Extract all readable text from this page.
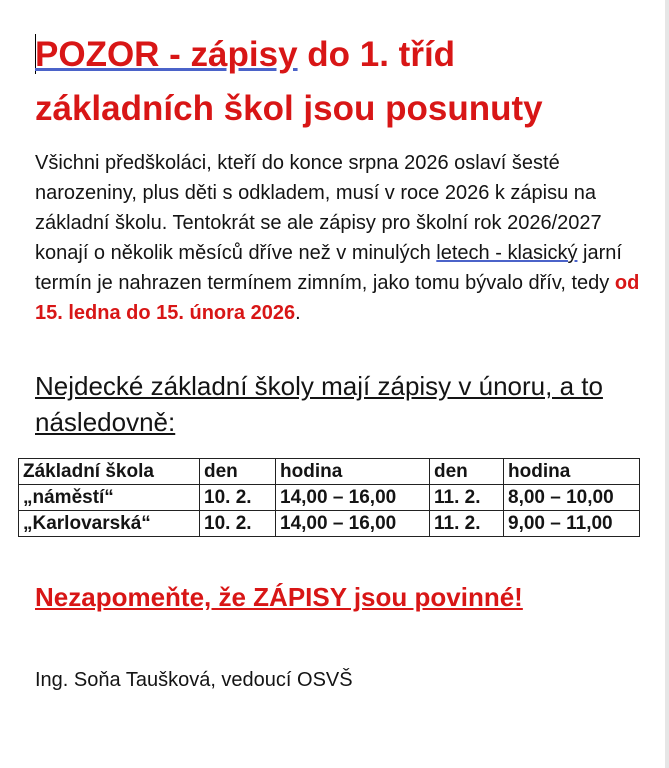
POZOR - zápisy do 1. tříd
základních škol jsou posunuty
Všichni předškoláci, kteří do konce srpna 2026 oslaví šesté narozeniny, plus děti s odkladem, musí v roce 2026 k zápisu na základní školu. Tentokrát se ale zápisy pro školní rok 2026/2027 konají o několik měsíců dříve než v minulých letech - klasický jarní termín je nahrazen termínem zimním, jako tomu bývalo dřív, tedy od 15. ledna do 15. února 2026.
Nejdecké základní školy mají zápisy v únoru, a to následovně:
Základní škola	den	hodina	den	hodina
„náměstí“	10. 2.	14,00 – 16,00	11. 2.	8,00 – 10,00
„Karlovarská“	10. 2.	14,00 – 16,00	11. 2.	9,00 – 11,00
Nezapomeňte, že ZÁPISY jsou povinné!
Ing. Soňa Taušková, vedoucí OSVŠ
